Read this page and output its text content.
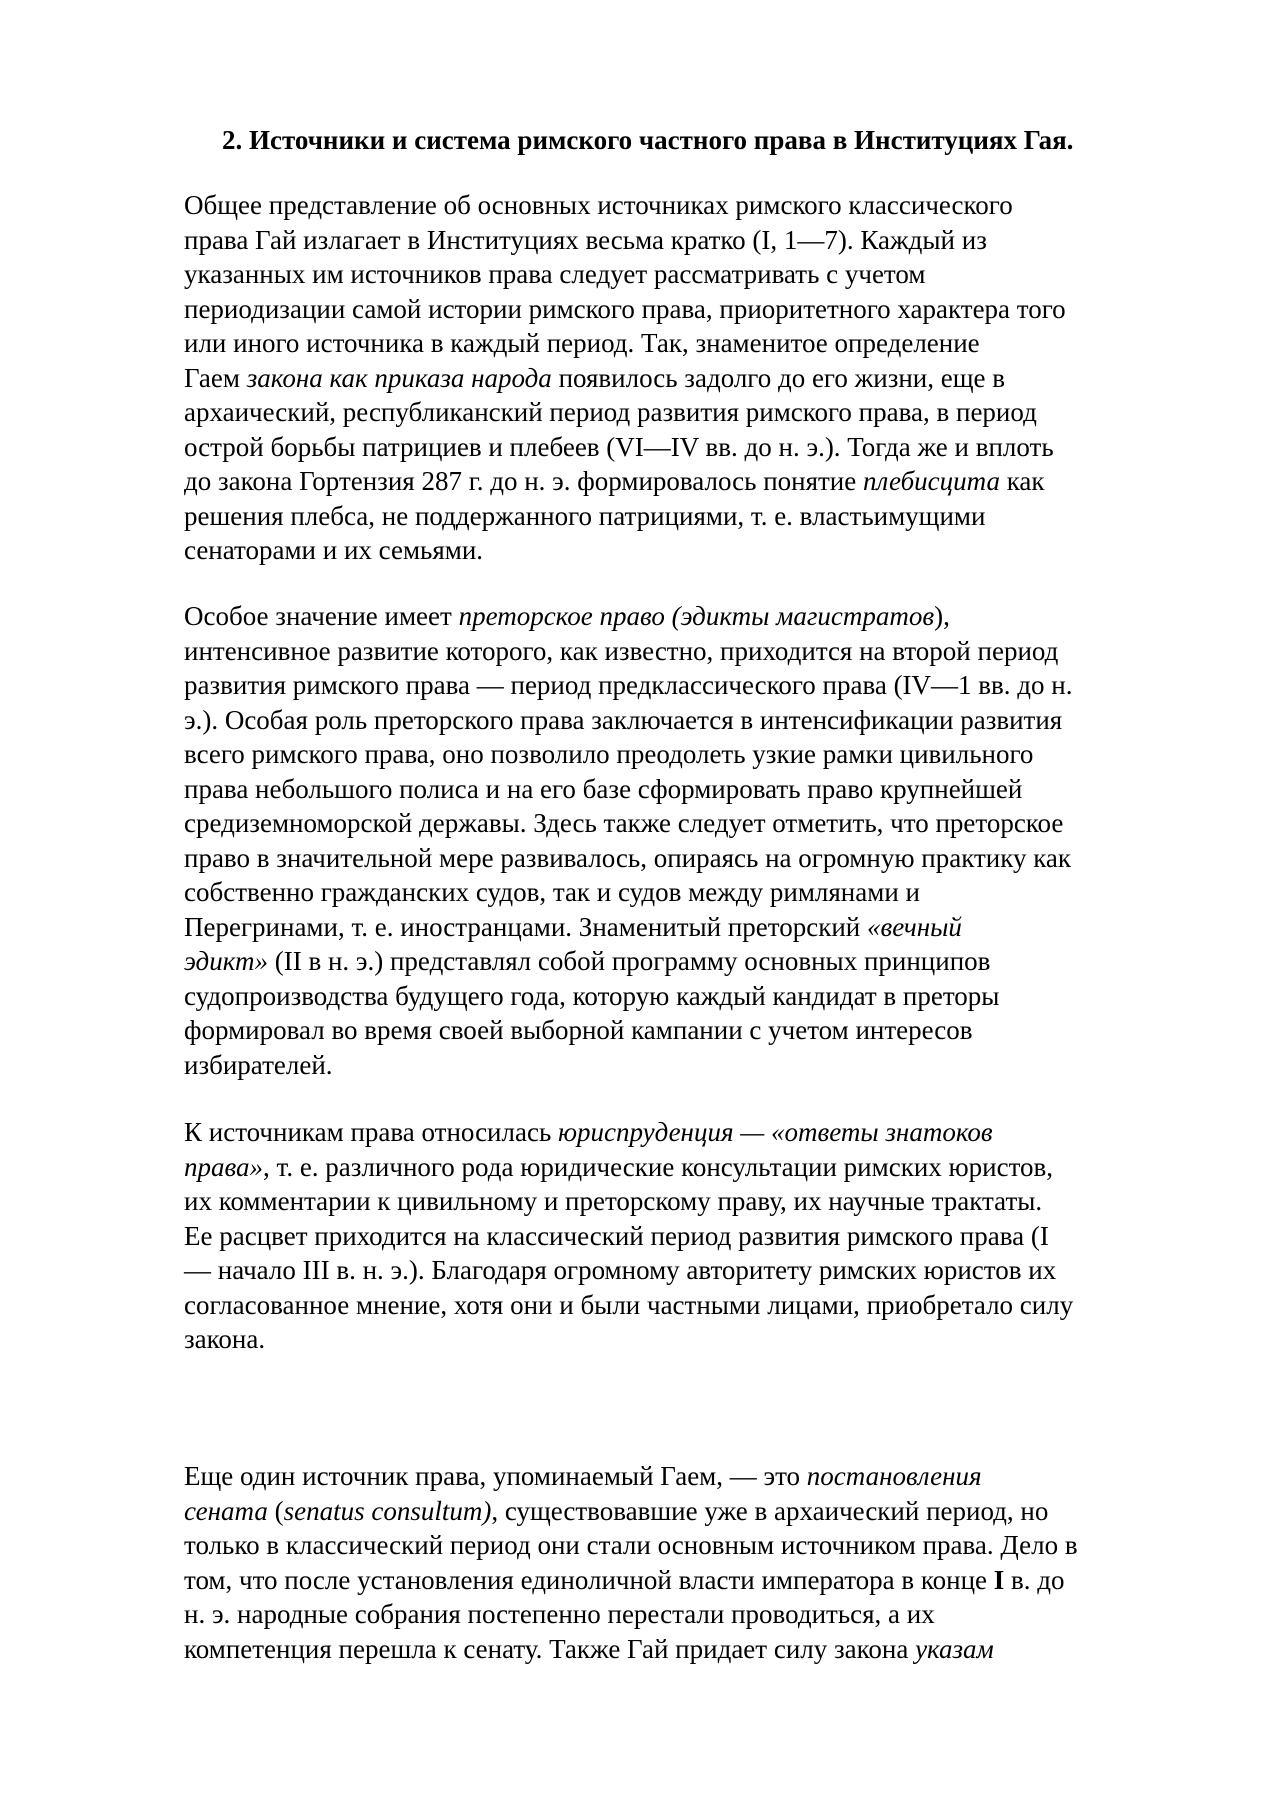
2. Источники и система римского частного права в Институциях Гая.

Общее представление об основных источниках римского классического
права Гай излагает в Институциях весьма кратко (I, 1—7). Каждый из
указанных им источников права следует рассматривать с учетом
периодизации самой истории римского права, приоритетного характера того
или иного источника в каждый период. Так, знаменитое определение
Гаем закона как приказа народа появилось задолго до его жизни, еще в
архаический, республиканский период развития римского права, в период
острой борьбы патрициев и плебеев (VI—IV вв. до н. э.). Тогда же и вплоть
до закона Гортензия 287 г. до н. э. формировалось понятие плебисцита как
решения плебса, не поддержанного патрициями, т. е. властьимущими
сенаторами и их семьями.

Особое значение имеет преторское право (эдикты магистратов),
интенсивное развитие которого, как известно, приходится на второй период
развития римского права — период предклассического права (IV—1 вв. до н.
э.). Особая роль преторского права заключается в интенсификации развития
всего римского права, оно позволило преодолеть узкие рамки цивильного
права небольшого полиса и на его базе сформировать право крупнейшей
средиземноморской державы. Здесь также следует отметить, что преторское
право в значительной мере развивалось, опираясь на огромную практику как
собственно гражданских судов, так и судов между римлянами и
Перегринами, т. е. иностранцами. Знаменитый преторский «вечный
эдикт» (II в н. э.) представлял собой программу основных принципов
судопроизводства будущего года, которую каждый кандидат в преторы
формировал во время своей выборной кампании с учетом интересов
избирателей.

К источникам права относилась юриспруденция — «ответы знатоков
права», т. е. различного рода юридические консультации римских юристов,
их комментарии к цивильному и преторскому праву, их научные трактаты.
Ее расцвет приходится на классический период развития римского права (I
— начало III в. н. э.). Благодаря огромному авторитету римских юристов их
согласованное мнение, хотя они и были частными лицами, приобретало силу
закона.

Еще один источник права, упоминаемый Гаем, — это постановления
сената (senatus consultum), существовавшие уже в архаический период, но
только в классический период они стали основным источником права. Дело в
том, что после установления единоличной власти императора в конце I в. до
н. э. народные собрания постепенно перестали проводиться, а их
компетенция перешла к сенату. Также Гай придает силу закона указам
